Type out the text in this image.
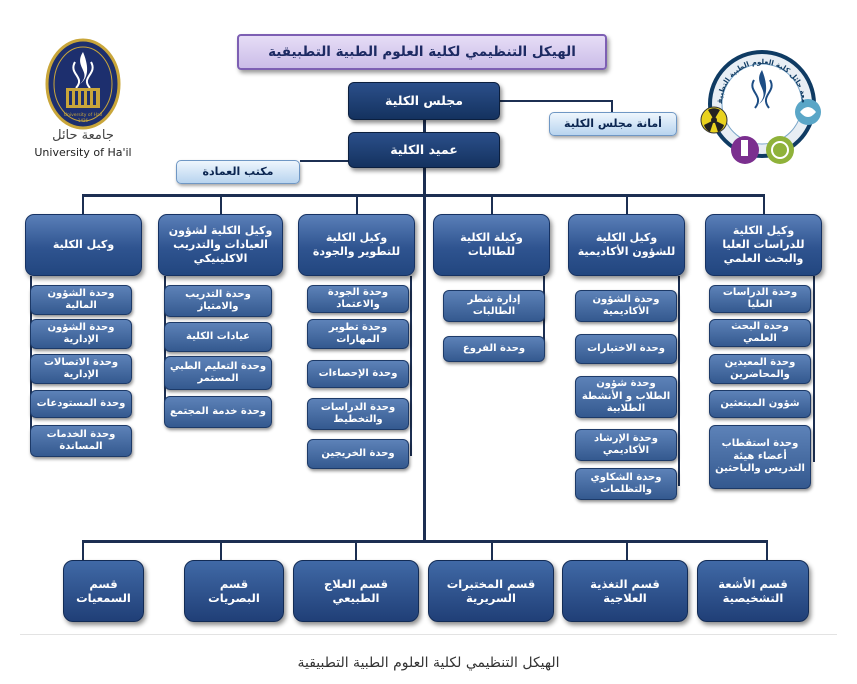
الهيكل التنظيمي لكلية العلوم الطبية التطبيقية
مجلس الكلية
أمانة مجلس الكلية
عميد الكلية
مكتب العمادة
وكيل الكلية للدراسات العليا والبحث العلمي
وحدة الدراسات العليا
وحدة البحث العلمي
وحدة المعيدين والمحاضرين
شؤون المبتعثين
وحدة استقطاب أعضاء هيئة التدريس والباحثين
وكيل الكلية للشؤون الأكاديمية
وحدة الشؤون الأكاديمية
وحدة الاختبارات
وحدة شؤون الطلاب و الأنشطة الطلابية
وحدة الإرشاد الأكاديمي
وحدة الشكاوي والتظلمات
وكيلة الكلية للطالبات
إدارة شطر الطالبات
وحدة الفروع
وكيل الكلية للتطوير والجودة
وحدة الجودة والاعتماد
وحدة تطوير المهارات
وحدة الإحصاءات
وحدة الدراسات والتخطيط
وحدة الخريجين
وكيل الكلية لشؤون العيادات والتدريب الاكلينيكي
وحدة التدريب والامتياز
عيادات الكلية
وحدة التعليم الطبي المستمر
وحدة خدمة المجتمع
وكيل الكلية
وحدة الشؤون المالية
وحدة الشؤون الإدارية
وحدة الاتصالات الإدارية
وحدة المستودعات
وحدة الخدمات المساندة
قسم الأشعة التشخيصية
قسم التغذية العلاجية
قسم المختبرات السريرية
قسم العلاج الطبيعي
قسم البصريات
قسم السمعيات
University of Hail
1426
جامعة حائل
University of Ha'il
معة حائل كلية العلوم الطبية التطبيق
الهيكل التنظيمي لكلية العلوم الطبية التطبيقية
